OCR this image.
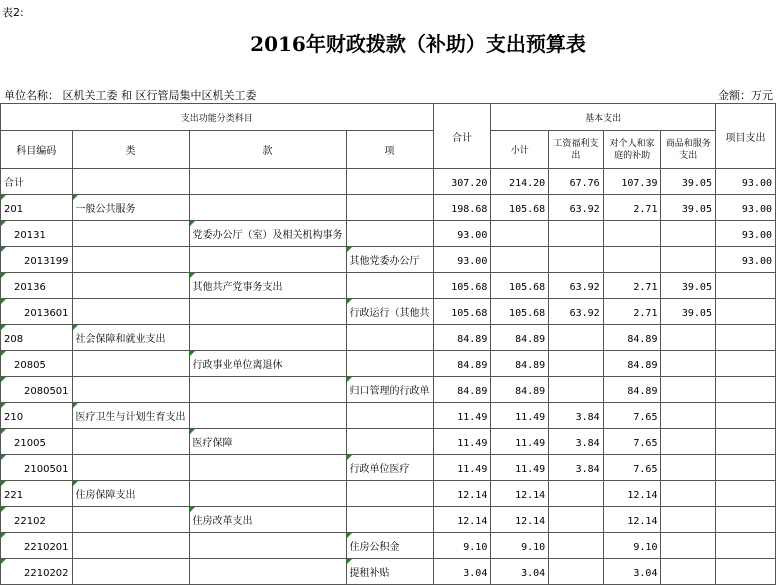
表2:
2016年财政拨款（补助）支出预算表
单位名称： 区机关工委 和 区行管局集中区机关工委	金额：万元
支出功能分类科目				合计	基本支出				项目支出
科目编码	类	款	项		小计	工资福利支出	对个人和家庭的补助	商品和服务支出	
合计				307.20	214.20	67.76	107.39	39.05	93.00
201	一般公共服务			198.68	105.68	63.92	2.71	39.05	93.00
20131		党委办公厅（室）及相关机构事务		93.00					93.00
2013199			其他党委办公厅	93.00					93.00
20136		其他共产党事务支出		105.68	105.68	63.92	2.71	39.05	
2013601			行政运行（其他共	105.68	105.68	63.92	2.71	39.05	
208	社会保障和就业支出			84.89	84.89		84.89		
20805		行政事业单位离退休		84.89	84.89		84.89		
2080501			归口管理的行政单	84.89	84.89		84.89		
210	医疗卫生与计划生育支出			11.49	11.49	3.84	7.65		
21005		医疗保障		11.49	11.49	3.84	7.65		
2100501			行政单位医疗	11.49	11.49	3.84	7.65		
221	住房保障支出			12.14	12.14		12.14		
22102		住房改革支出		12.14	12.14		12.14		
2210201			住房公积金	9.10	9.10		9.10		
2210202			提租补贴	3.04	3.04		3.04		
